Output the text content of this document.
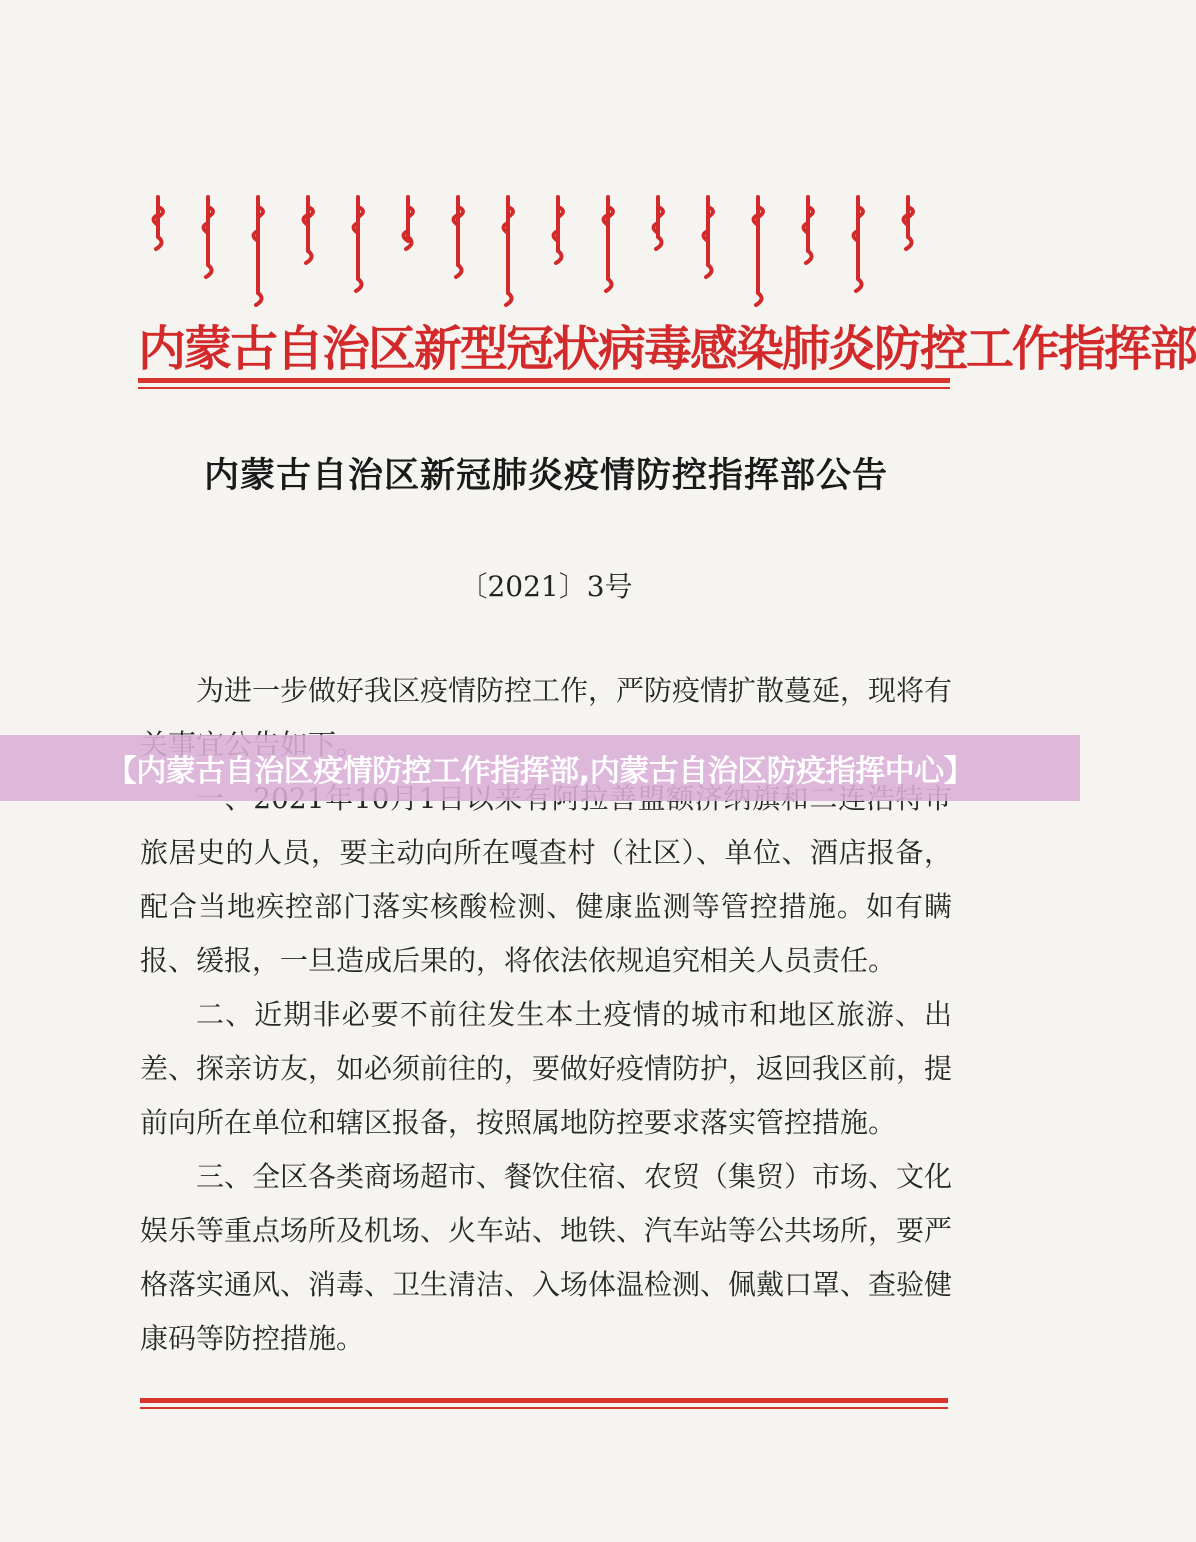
内蒙古自治区新型冠状病毒感染肺炎防控工作指挥部
内蒙古自治区新冠肺炎疫情防控指挥部公告
〔2021〕3号

为进一步做好我区疫情防控工作，严防疫情扩散蔓延，现将有

旅居史的人员，要主动向所在嘎查村（社区）、单位、酒店报备，配合当地疾控部门落实核酸检测、健康监测等管控措施。如有瞒报、缓报，一旦造成后果的，将依法依规追究相关人员责任。

二、近期非必要不前往发生本土疫情的城市和地区旅游、出差、探亲访友，如必须前往的，要做好疫情防护，返回我区前，提前向所在单位和辖区报备，按照属地防控要求落实管控措施。

三、全区各类商场超市、餐饮住宿、农贸（集贸）市场、文化娱乐等重点场所及机场、火车站、地铁、汽车站等公共场所，要严格落实通风、消毒、卫生清洁、入场体温检测、佩戴口罩、查验健康码等防控措施。

【内蒙古自治区疫情防控工作指挥部,内蒙古自治区防疫指挥中心】
